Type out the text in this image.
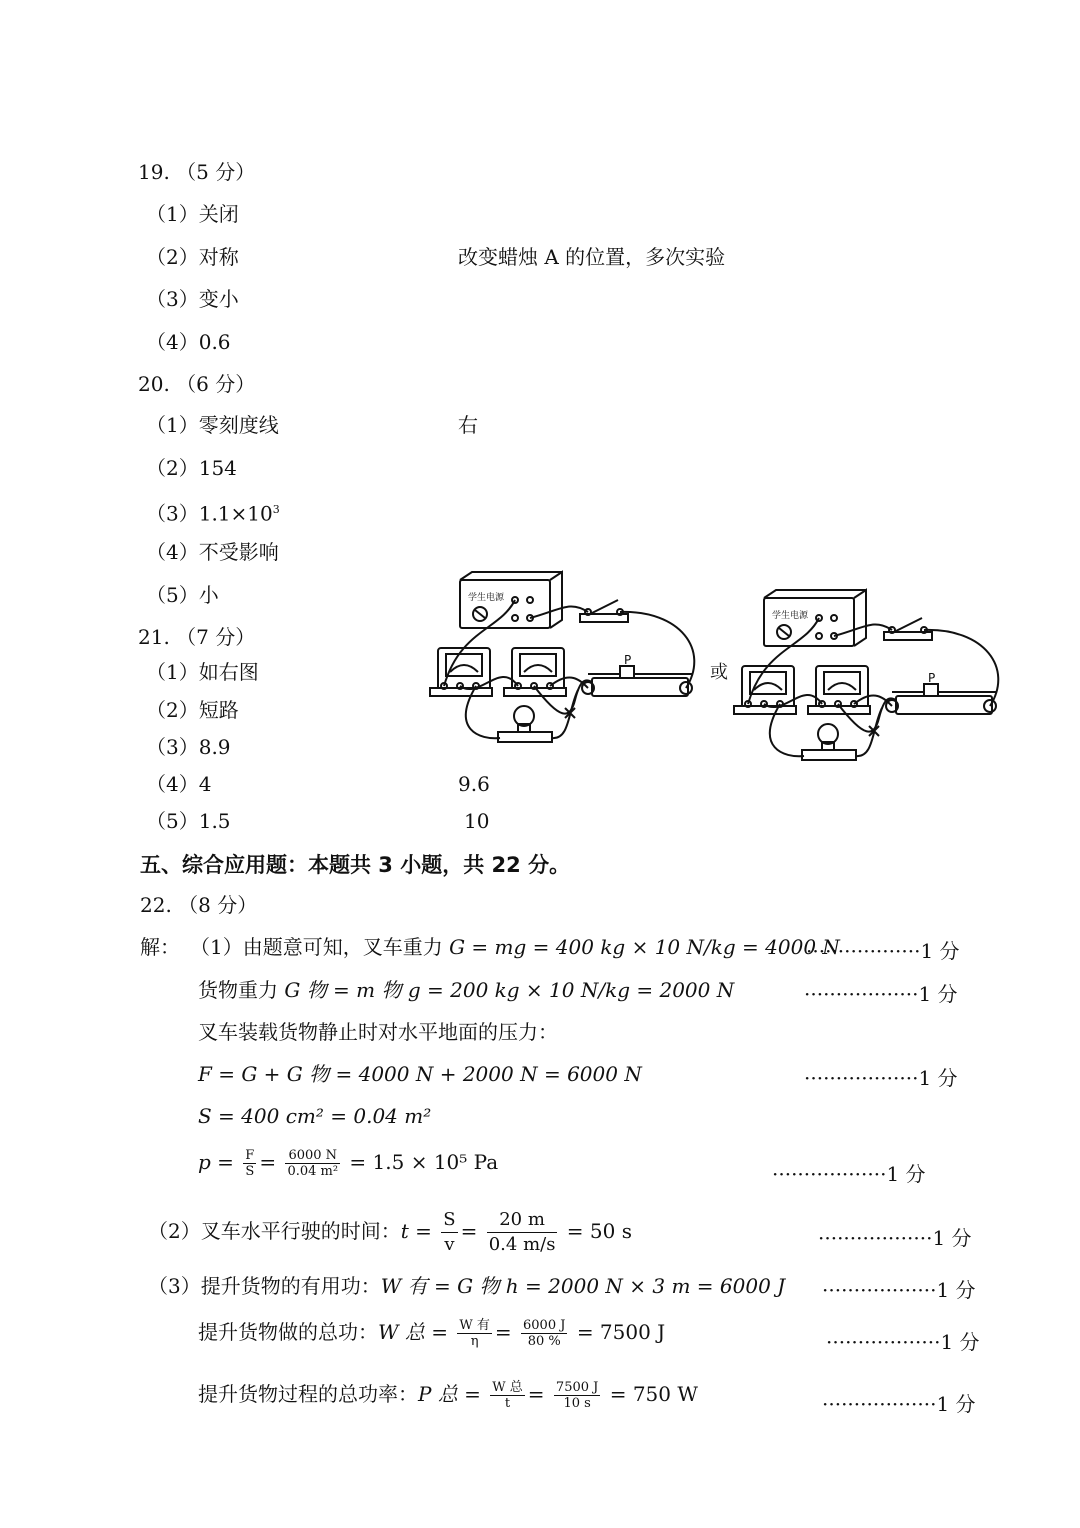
19. （5 分）
（1）关闭
（2）对称	改变蜡烛 A 的位置，多次实验
（3）变小
（4）0.6
20. （6 分）
（1）零刻度线	右
（2）154
$(3)1.1\times 10^3$
（4）不受影响
（5）小
21. （7 分）
（1）如右图
（2）短路
（3）8.9
（4）4	9.6
（5）1.5	10
学生电源
P
或
学生电源
P
五、综合应用题：本题共 3 小题，共 22 分。
22. （8 分）
解： （1）由题意可知，叉车重力 G = mg = 400 kg × 10 N/kg = 4000 N
··················1 分
货物重力 G 物 = m 物 g = 200 kg × 10 N/kg = 2000 N	··················1 分
叉车装载货物静止时对水平地面的压力：
F = G + G 物 = 4000 N + 2000 N = 6000 N	··················1 分
S = 400 cm² = 0.04 m²
$p = \frac{F}{S} = \frac{6000 N}{\text{0.04 m²}} = 1.5 \times 10^5$ Pa	··················1 分
（2）叉车水平行驶的时间：$t = \frac{S}{v} = \frac{20 m}{0.4 m/s} = 50$ s	··················1 分
（3）提升货物的有用功：W 有 = G 物 h = 2000 N × 3 m = 6000 J ··················1 分
提升货物做的总功：W 总 = $\frac{\text{W 有}}{\eta} = \frac{6000 J}{80 \%} = 7500$ J	··················1 分
提升货物过程的总功率：P 总 = $\frac{\text{W 总}}{t} = \frac{7500 J}{10 s} = 750$ W	··················1 分
